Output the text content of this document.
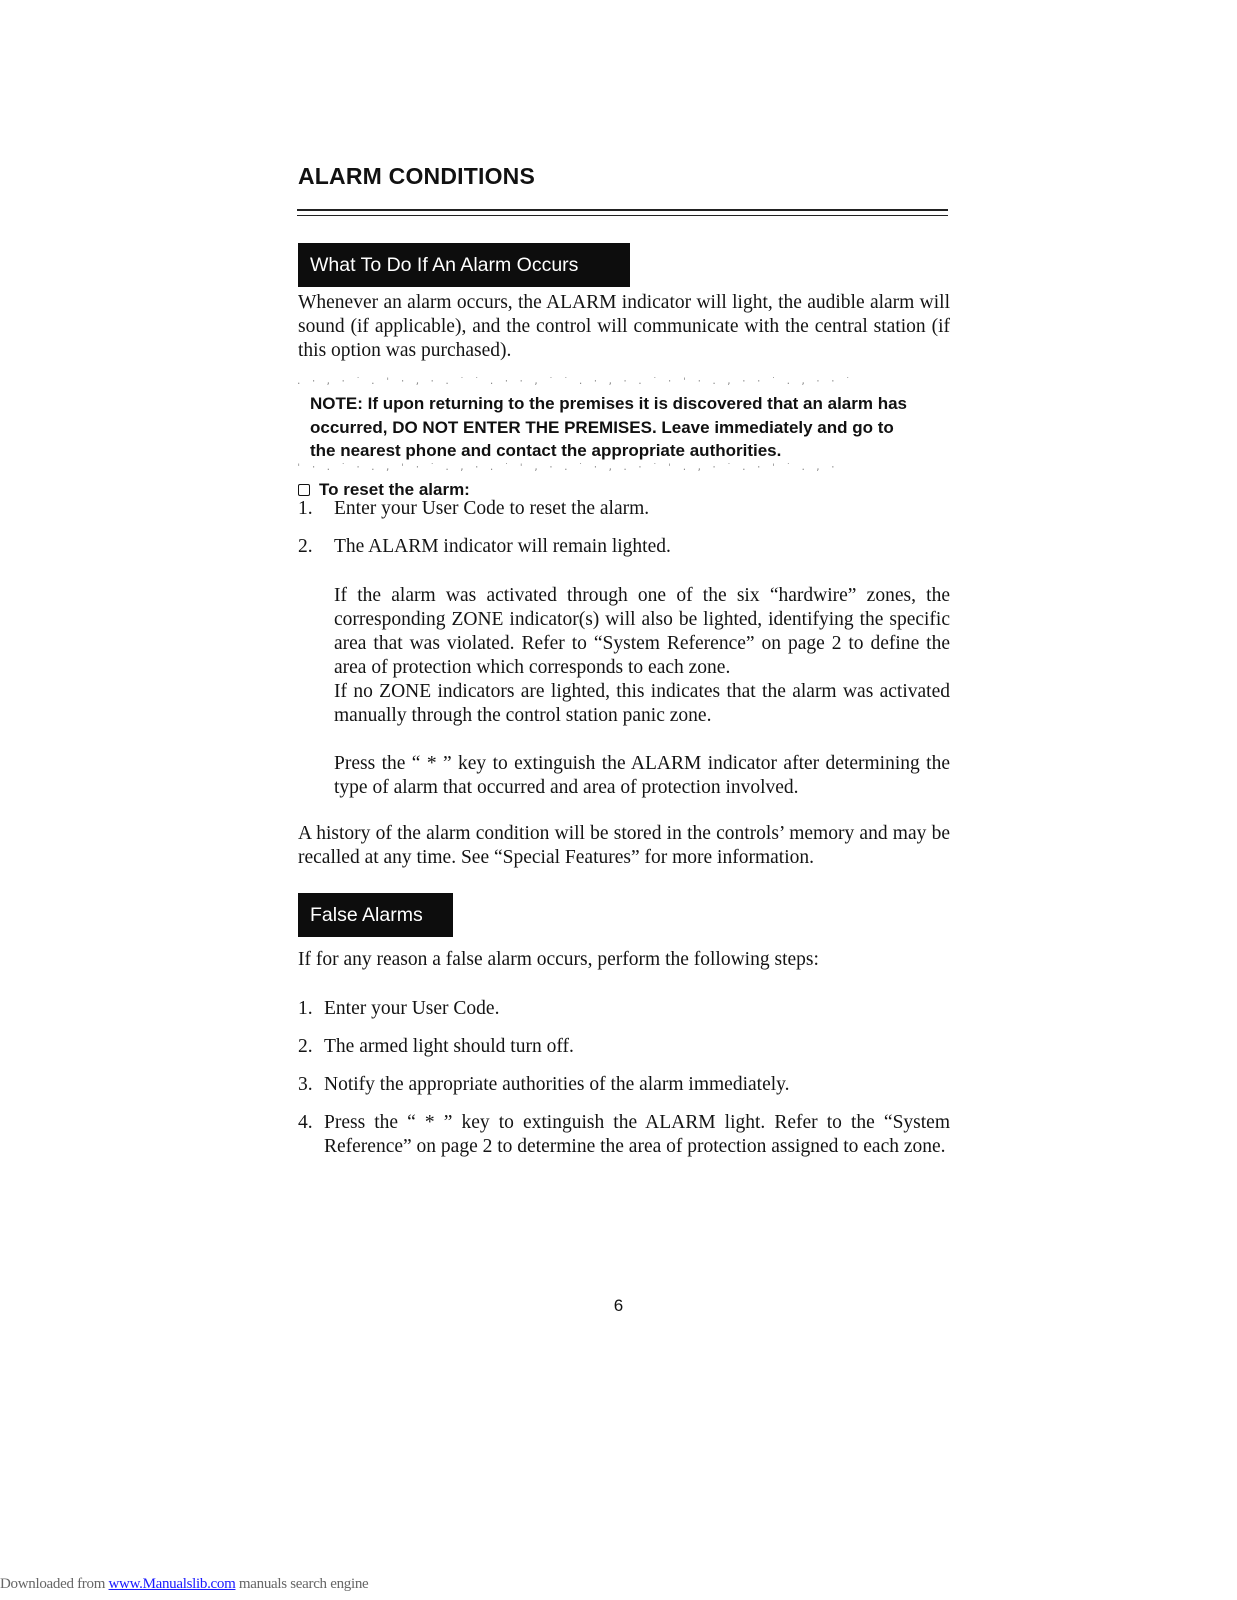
ALARM CONDITIONS
What To Do If An Alarm Occurs
Whenever an alarm occurs, the ALARM indicator will light, the audible alarm will sound (if applicable), and the control will communicate with the central station (if this option was purchased).
. · ‚ · ˙ . ' · , · . ˙ ˙ . · · ‚ ˙ ˙ . · , · . ˙ · ' · . , · · ˙ . , · · ˙
NOTE: If upon returning to the premises it is discovered that an alarm has
occurred, DO NOT ENTER THE PREMISES. Leave immediately and go to
the nearest phone and contact the appropriate authorities.
' · . ˙ · . , ' · ˙ . ‚ · . ˙ ' , · . ˙ · ‚ . · ˙ ' . , · ˙ . · ' ˙ . , ·
To reset the alarm:
1. Enter your User Code to reset the alarm.
2. The ALARM indicator will remain lighted.
If the alarm was activated through one of the six “hardwire” zones, the corresponding ZONE indicator(s) will also be lighted, identifying the specific area that was violated. Refer to “System Reference” on page 2 to define the area of protection which corresponds to each zone.
If no ZONE indicators are lighted, this indicates that the alarm was activated manually through the control station panic zone.
Press the “ * ” key to extinguish the ALARM indicator after determining the type of alarm that occurred and area of protection involved.
A history of the alarm condition will be stored in the controls’ memory and may be recalled at any time. See “Special Features” for more information.
False Alarms
If for any reason a false alarm occurs, perform the following steps:
1. Enter your User Code.
2. The armed light should turn off.
3. Notify the appropriate authorities of the alarm immediately.
4. Press the “ * ” key to extinguish the ALARM light. Refer to the “System Reference” on page 2 to determine the area of protection assigned to each zone.
6
Downloaded from www.Manualslib.com manuals search engine
